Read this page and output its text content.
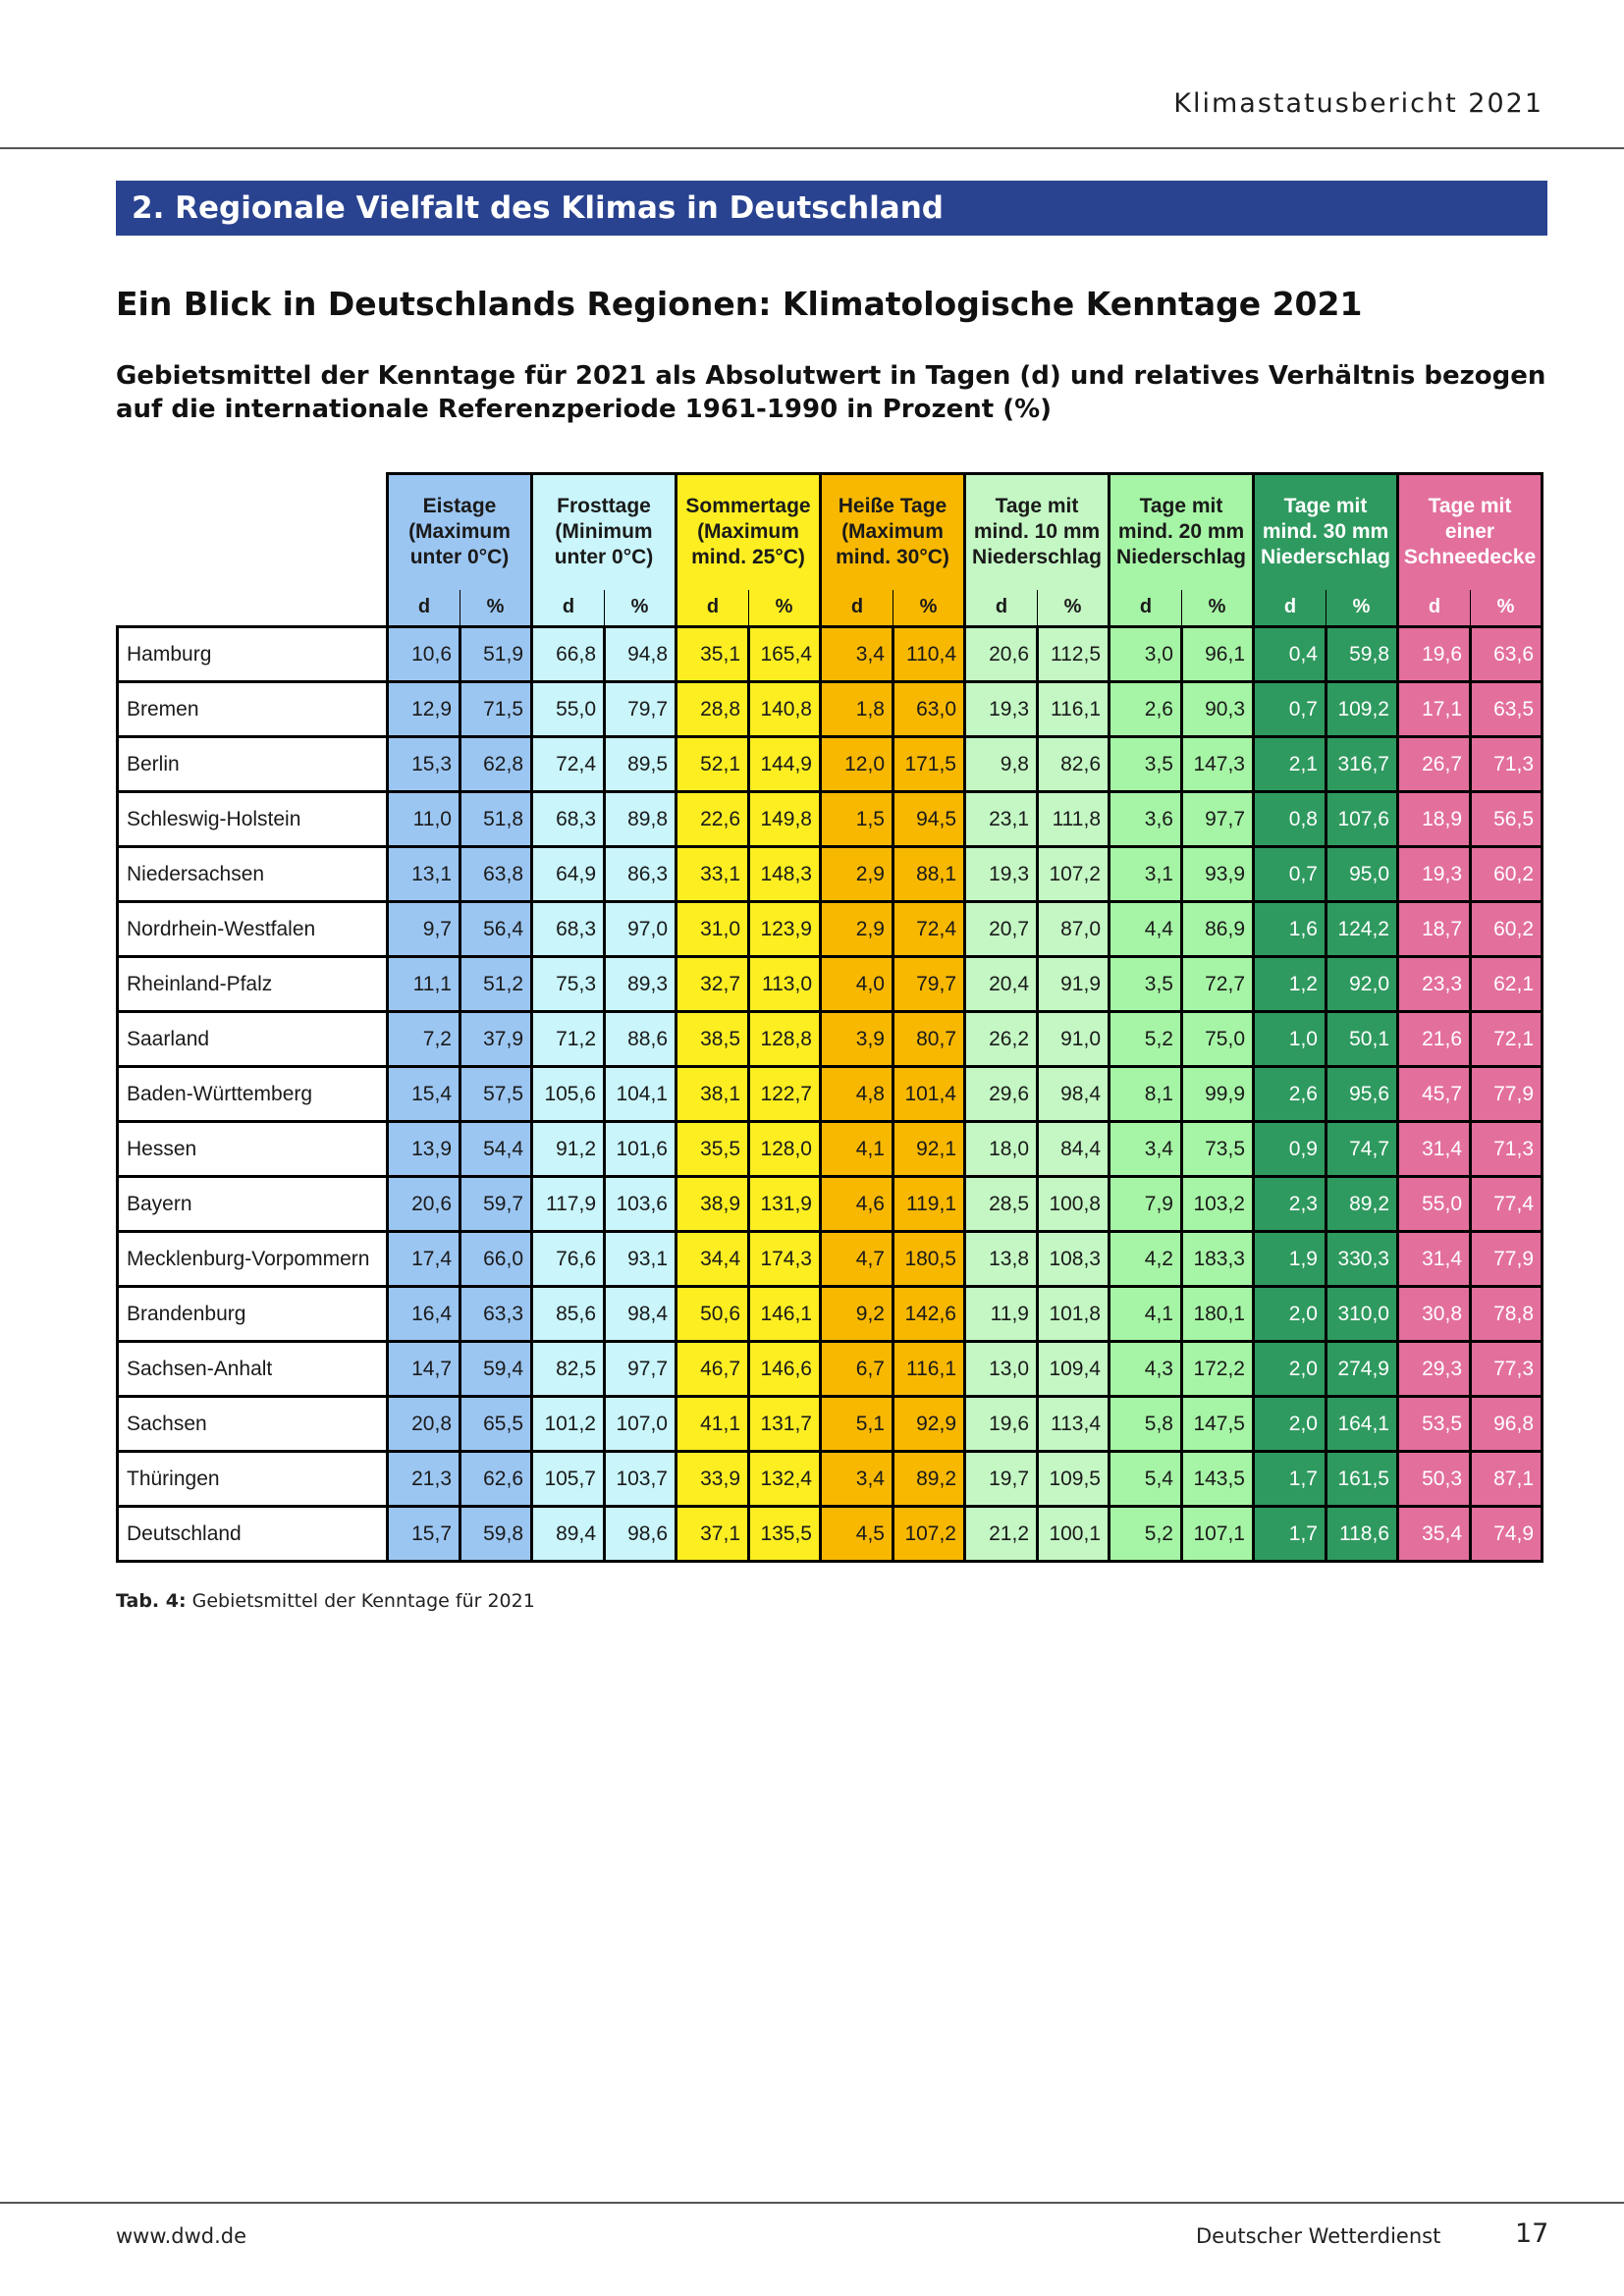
Klimastatusbericht 2021
2. Regionale Vielfalt des Klimas in Deutschland
Ein Blick in Deutschlands Regionen: Klimatologische Kenntage 2021
Gebietsmittel der Kenntage für 2021 als Absolutwert in Tagen (d) und relatives Verhältnis bezogen auf die internationale Referenzperiode 1961-1990 in Prozent (%)
	Eistage
(Maximum
unter 0°C)		Frosttage
(Minimum
unter 0°C)		Sommertage
(Maximum
mind. 25°C)		Heiße Tage
(Maximum
mind. 30°C)		Tage mit
mind. 10 mm
Niederschlag		Tage mit
mind. 20 mm
Niederschlag		Tage mit
mind. 30 mm
Niederschlag		Tage mit
einer
Schneedecke	
	d	%	d	%	d	%	d	%	d	%	d	%	d	%	d	%
Hamburg	10,6	51,9	66,8	94,8	35,1	165,4	3,4	110,4	20,6	112,5	3,0	96,1	0,4	59,8	19,6	63,6
Bremen	12,9	71,5	55,0	79,7	28,8	140,8	1,8	63,0	19,3	116,1	2,6	90,3	0,7	109,2	17,1	63,5
Berlin	15,3	62,8	72,4	89,5	52,1	144,9	12,0	171,5	9,8	82,6	3,5	147,3	2,1	316,7	26,7	71,3
Schleswig-Holstein	11,0	51,8	68,3	89,8	22,6	149,8	1,5	94,5	23,1	111,8	3,6	97,7	0,8	107,6	18,9	56,5
Niedersachsen	13,1	63,8	64,9	86,3	33,1	148,3	2,9	88,1	19,3	107,2	3,1	93,9	0,7	95,0	19,3	60,2
Nordrhein-Westfalen	9,7	56,4	68,3	97,0	31,0	123,9	2,9	72,4	20,7	87,0	4,4	86,9	1,6	124,2	18,7	60,2
Rheinland-Pfalz	11,1	51,2	75,3	89,3	32,7	113,0	4,0	79,7	20,4	91,9	3,5	72,7	1,2	92,0	23,3	62,1
Saarland	7,2	37,9	71,2	88,6	38,5	128,8	3,9	80,7	26,2	91,0	5,2	75,0	1,0	50,1	21,6	72,1
Baden-Württemberg	15,4	57,5	105,6	104,1	38,1	122,7	4,8	101,4	29,6	98,4	8,1	99,9	2,6	95,6	45,7	77,9
Hessen	13,9	54,4	91,2	101,6	35,5	128,0	4,1	92,1	18,0	84,4	3,4	73,5	0,9	74,7	31,4	71,3
Bayern	20,6	59,7	117,9	103,6	38,9	131,9	4,6	119,1	28,5	100,8	7,9	103,2	2,3	89,2	55,0	77,4
Mecklenburg-Vorpommern	17,4	66,0	76,6	93,1	34,4	174,3	4,7	180,5	13,8	108,3	4,2	183,3	1,9	330,3	31,4	77,9
Brandenburg	16,4	63,3	85,6	98,4	50,6	146,1	9,2	142,6	11,9	101,8	4,1	180,1	2,0	310,0	30,8	78,8
Sachsen-Anhalt	14,7	59,4	82,5	97,7	46,7	146,6	6,7	116,1	13,0	109,4	4,3	172,2	2,0	274,9	29,3	77,3
Sachsen	20,8	65,5	101,2	107,0	41,1	131,7	5,1	92,9	19,6	113,4	5,8	147,5	2,0	164,1	53,5	96,8
Thüringen	21,3	62,6	105,7	103,7	33,9	132,4	3,4	89,2	19,7	109,5	5,4	143,5	1,7	161,5	50,3	87,1
Deutschland	15,7	59,8	89,4	98,6	37,1	135,5	4,5	107,2	21,2	100,1	5,2	107,1	1,7	118,6	35,4	74,9
Tab. 4: Gebietsmittel der Kenntage für 2021
www.dwd.de	Deutscher Wetterdienst	17
